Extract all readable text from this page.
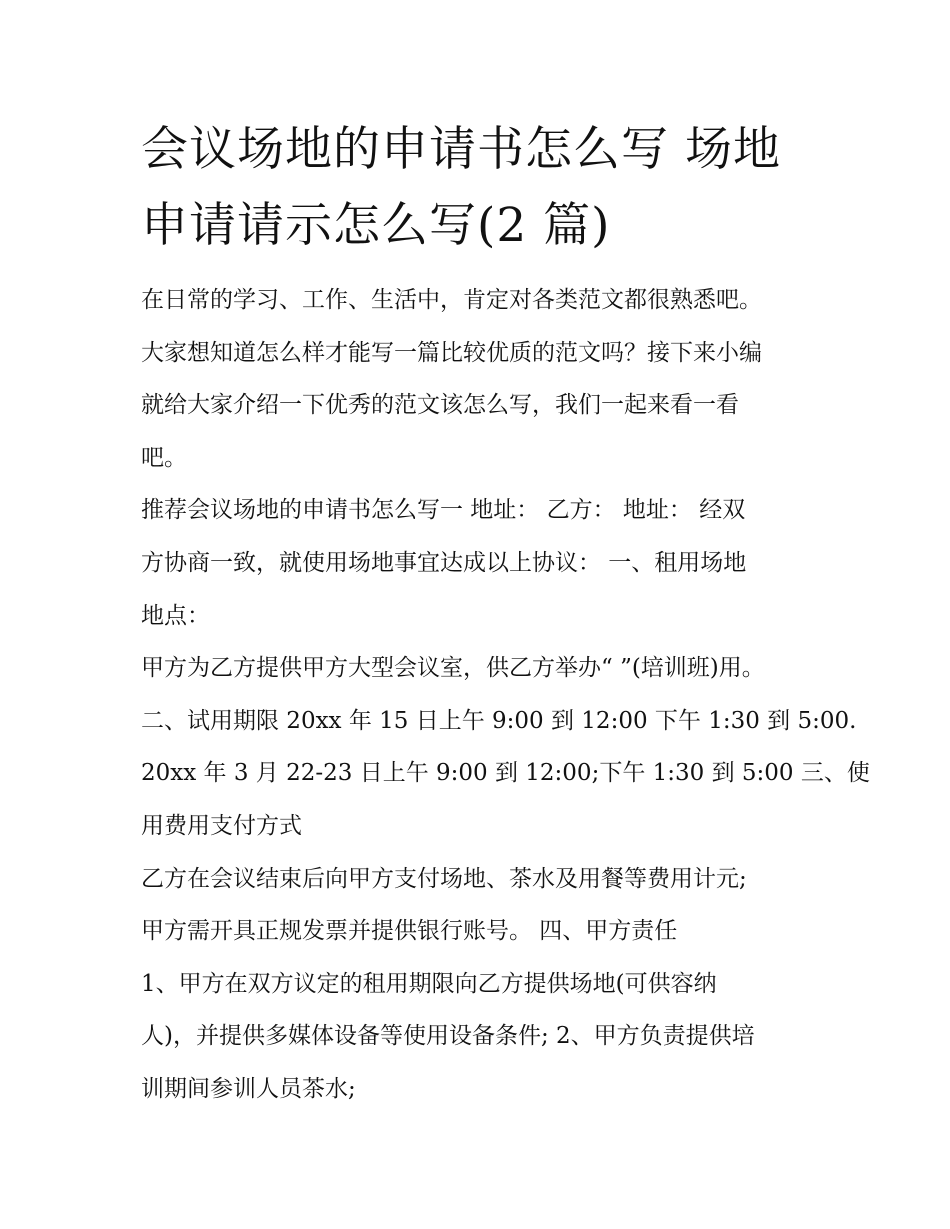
会议场地的申请书怎么写 场地
申请请示怎么写(2 篇)

在日常的学习、工作、生活中，肯定对各类范文都很熟悉吧。
大家想知道怎么样才能写一篇比较优质的范文吗？接下来小编
就给大家介绍一下优秀的范文该怎么写，我们一起来看一看
吧。

推荐会议场地的申请书怎么写一 地址： 乙方： 地址： 经双
方协商一致，就使用场地事宜达成以上协议： 一、租用场地
地点：

甲方为乙方提供甲方大型会议室，供乙方举办“ ”(培训班)用。
二、试用期限 20xx 年 15 日上午 9:00 到 12:00 下午 1:30 到 5:00.
20xx 年 3 月 22-23 日上午 9:00 到 12:00;下午 1:30 到 5:00 三、使
用费用支付方式

乙方在会议结束后向甲方支付场地、茶水及用餐等费用计元;
甲方需开具正规发票并提供银行账号。 四、甲方责任

1、甲方在双方议定的租用期限向乙方提供场地(可供容纳
人)，并提供多媒体设备等使用设备条件; 2、甲方负责提供培
训期间参训人员茶水;
